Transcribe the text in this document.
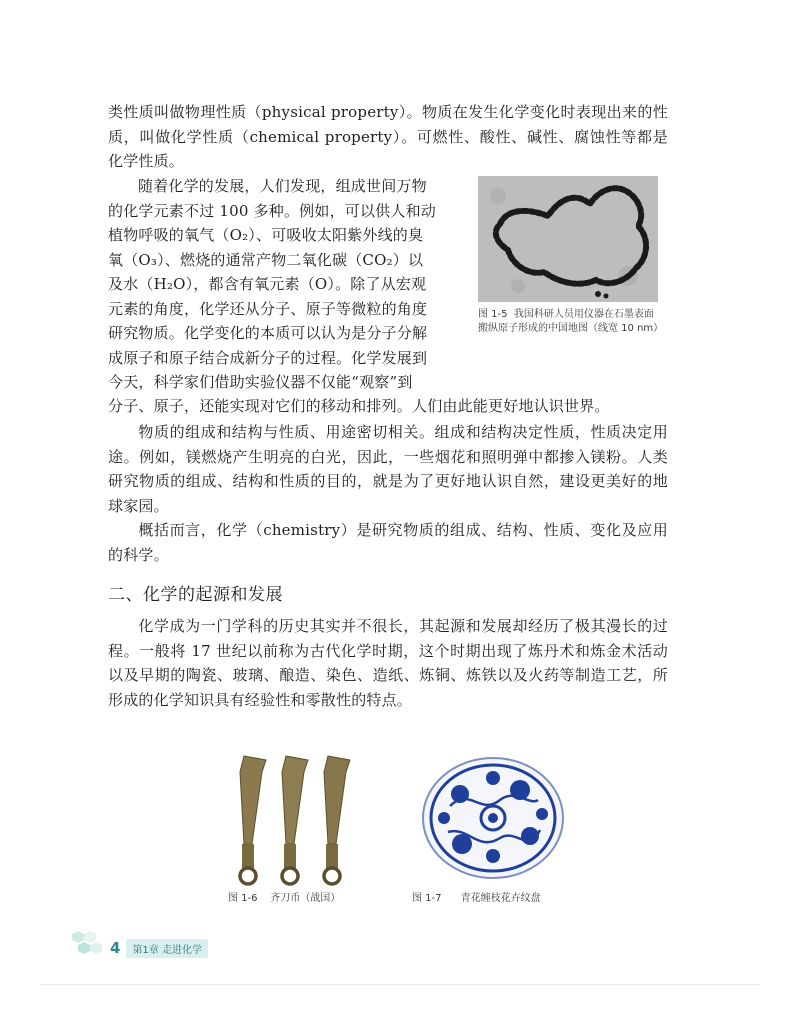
类性质叫做物理性质（physical property）。物质在发生化学变化时表现出来的性质，叫做化学性质（chemical property）。可燃性、酸性、碱性、腐蚀性等都是化学性质。

随着化学的发展，人们发现，组成世间万物
的化学元素不过 100 多种。例如，可以供人和动
植物呼吸的氧气（O₂）、可吸收太阳紫外线的臭
氧（O₃）、燃烧的通常产物二氧化碳（CO₂）以
及水（H₂O），都含有氧元素（O）。除了从宏观
元素的角度，化学还从分子、原子等微粒的角度
研究物质。化学变化的本质可以认为是分子分解
成原子和原子结合成新分子的过程。化学发展到
今天，科学家们借助实验仪器不仅能“观察”到

分子、原子，还能实现对它们的移动和排列。人们由此能更好地认识世界。

图 1-5 我国科研人员用仪器在石墨表面搬纵原子形成的中国地图（线宽 10 nm）

物质的组成和结构与性质、用途密切相关。组成和结构决定性质，性质决定用途。例如，镁燃烧产生明亮的白光，因此，一些烟花和照明弹中都掺入镁粉。人类研究物质的组成、结构和性质的目的，就是为了更好地认识自然，建设更美好的地球家园。

概括而言，化学（chemistry）是研究物质的组成、结构、性质、变化及应用的科学。

二、化学的起源和发展

化学成为一门学科的历史其实并不很长，其起源和发展却经历了极其漫长的过程。一般将 17 世纪以前称为古代化学时期，这个时期出现了炼丹术和炼金术活动以及早期的陶瓷、玻璃、酿造、染色、造纸、炼铜、炼铁以及火药等制造工艺，所形成的化学知识具有经验性和零散性的特点。

图 1-6 齐刀币（战国）	图 1-7 青花缠枝花卉纹盘
4	第1章 走进化学
